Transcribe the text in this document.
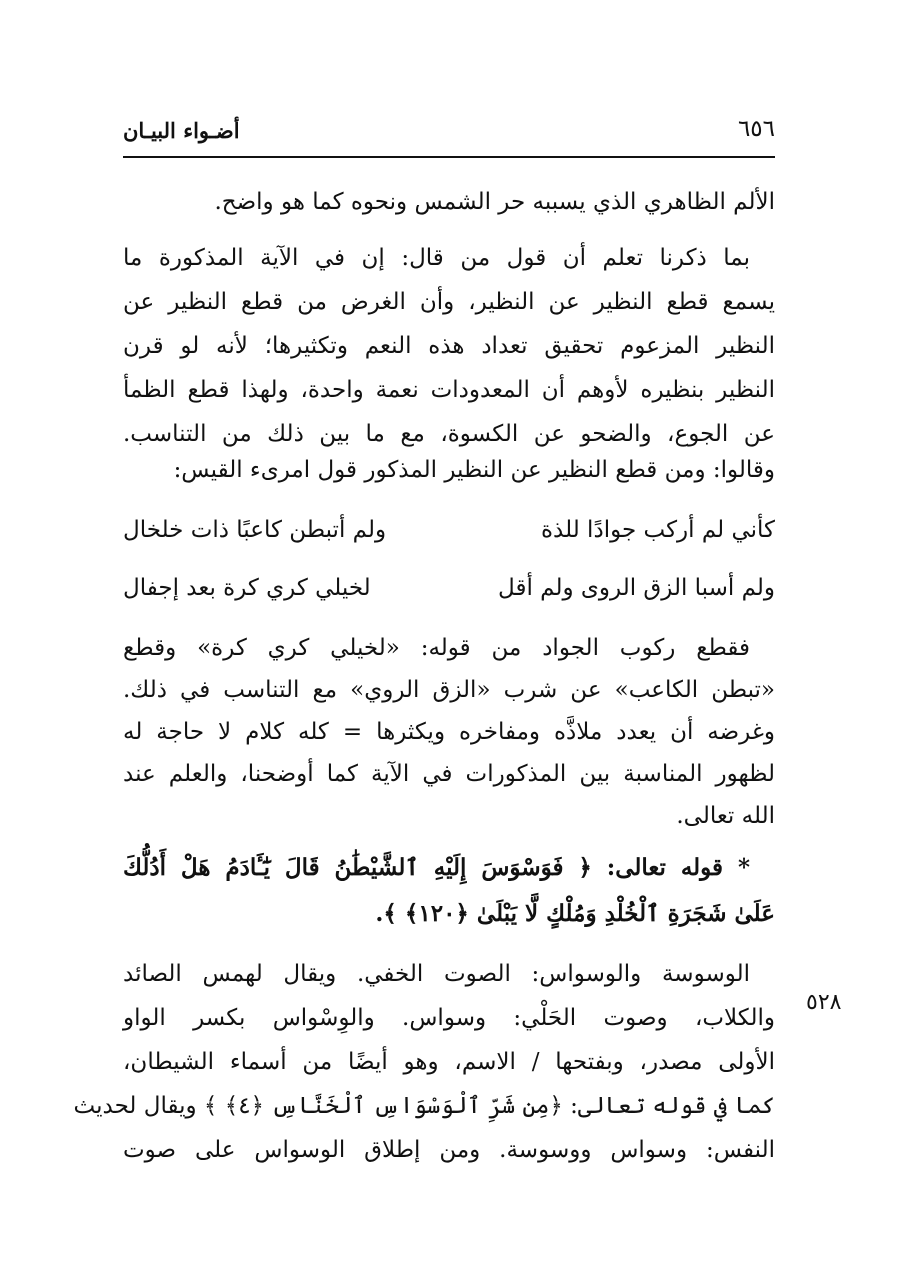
أضـواء البيـان	٦٥٦
الألم الظاهري الذي يسببه حر الشمس ونحوه كما هو واضح.
بما ذكرنا تعلم أن قول من قال: إن في الآية المذكورة ما
يسمع قطع النظير عن النظير، وأن الغرض من قطع النظير عن
النظير المزعوم تحقيق تعداد هذه النعم وتكثيرها؛ لأنه لو قرن
النظير بنظيره لأوهم أن المعدودات نعمة واحدة، ولهذا قطع الظمأ
عن الجوع، والضحو عن الكسوة، مع ما بين ذلك من التناسب.
وقالوا: ومن قطع النظير عن النظير المذكور قول امرىء القيس:
كأني لم أركب جوادًا للذة
ولم أتبطن كاعبًا ذات خلخال
ولم أسبا الزق الروى ولم أقل
لخيلي كري كرة بعد إجفال
فقطع ركوب الجواد من قوله: «لخيلي كري كرة» وقطع
«تبطن الكاعب» عن شرب «الزق الروي» مع التناسب في ذلك.
وغرضه أن يعدد ملاذَّه ومفاخره ويكثرها = كله كلام لا حاجة له
لظهور المناسبة بين المذكورات في الآية كما أوضحنا، والعلم عند
الله تعالى.
* قوله تعالى: ﴿ فَوَسْوَسَ إِلَيْهِ ٱلشَّيْطَٰنُ قَالَ يَٰٓـَٔادَمُ هَلْ أَدُلُّكَ
عَلَىٰ شَجَرَةِ ٱلْخُلْدِ وَمُلْكٍ لَّا يَبْلَىٰ ﴿١٢٠﴾ ﴾.
الوسوسة والوسواس: الصوت الخفي. ويقال لهمس الصائد
والكلاب، وصوت الحَلْي: وسواس. والوِسْواس بكسر الواو
الأولى مصدر، وبفتحها / الاسم، وهو أيضًا من أسماء الشيطان،
كما في قوله تعالى: ﴿مِن شَرِّ ٱلْوَسْوَاسِ ٱلْخَنَّاسِ ﴿٤﴾ ﴾ ويقال لحديث
النفس: وسواس ووسوسة. ومن إطلاق الوسواس على صوت
٥٢٨
